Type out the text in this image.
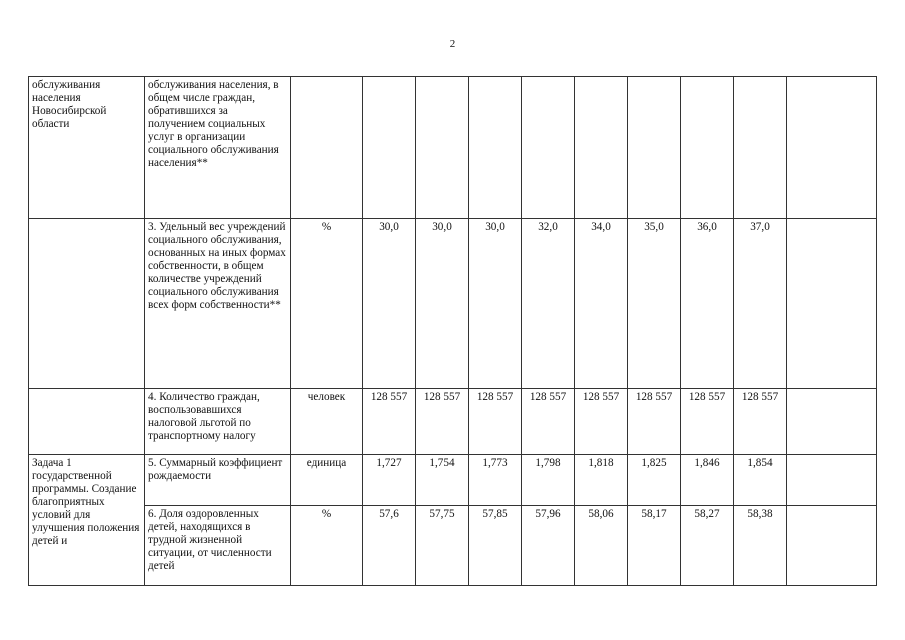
2
обслуживания населения Новосибирской области	обслуживания населения, в общем числе граждан, обратившихся за получением социальных услуг в организации социального обслуживания населения**										
	3. Удельный вес учреждений социального обслуживания, основанных на иных формах собственности, в общем количестве учреждений социального обслуживания всех форм собственности**	%	30,0	30,0	30,0	32,0	34,0	35,0	36,0	37,0	
	4. Количество граждан, воспользовавшихся налоговой льготой по транспортному налогу	человек	128 557	128 557	128 557	128 557	128 557	128 557	128 557	128 557	
Задача 1 государственной программы. Создание благоприятных условий для улучшения положения детей и	5. Суммарный коэффициент рождаемости	единица	1,727	1,754	1,773	1,798	1,818	1,825	1,846	1,854	
	6. Доля оздоровленных детей, находящихся в трудной жизненной ситуации, от численности детей	%	57,6	57,75	57,85	57,96	58,06	58,17	58,27	58,38	
